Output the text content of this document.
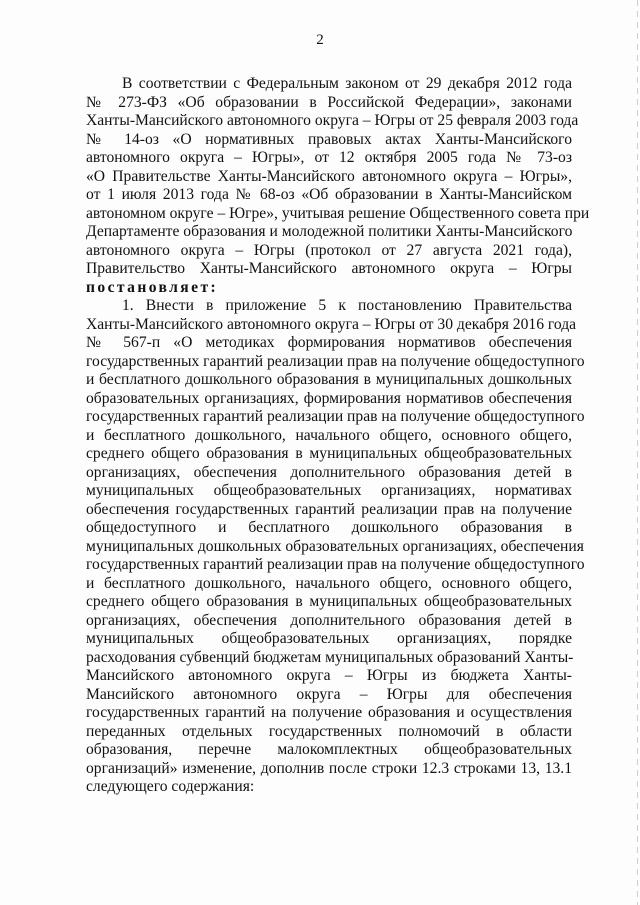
2
В соответствии с Федеральным законом от 29 декабря 2012 года
№ 273-ФЗ «Об образовании в Российской Федерации», законами
Ханты-Мансийского автономного округа – Югры от 25 февраля 2003 года
№ 14-оз «О нормативных правовых актах Ханты-Мансийского
автономного округа – Югры», от 12 октября 2005 года № 73-оз
«О Правительстве Ханты-Мансийского автономного округа – Югры»,
от 1 июля 2013 года № 68-оз «Об образовании в Ханты-Мансийском
автономном округе – Югре», учитывая решение Общественного совета при
Департаменте образования и молодежной политики Ханты-Мансийского
автономного округа – Югры (протокол от 27 августа 2021 года),
Правительство Ханты-Мансийского автономного округа – Югры
постановляет:
1. Внести в приложение 5 к постановлению Правительства
Ханты-Мансийского автономного округа – Югры от 30 декабря 2016 года
№ 567-п «О методиках формирования нормативов обеспечения
государственных гарантий реализации прав на получение общедоступного
и бесплатного дошкольного образования в муниципальных дошкольных
образовательных организациях, формирования нормативов обеспечения
государственных гарантий реализации прав на получение общедоступного
и бесплатного дошкольного, начального общего, основного общего,
среднего общего образования в муниципальных общеобразовательных
организациях, обеспечения дополнительного образования детей в
муниципальных общеобразовательных организациях, нормативах
обеспечения государственных гарантий реализации прав на получение
общедоступного и бесплатного дошкольного образования в
муниципальных дошкольных образовательных организациях, обеспечения
государственных гарантий реализации прав на получение общедоступного
и бесплатного дошкольного, начального общего, основного общего,
среднего общего образования в муниципальных общеобразовательных
организациях, обеспечения дополнительного образования детей в
муниципальных общеобразовательных организациях, порядке
расходования субвенций бюджетам муниципальных образований Ханты-
Мансийского автономного округа – Югры из бюджета Ханты-
Мансийского автономного округа – Югры для обеспечения
государственных гарантий на получение образования и осуществления
переданных отдельных государственных полномочий в области
образования, перечне малокомплектных общеобразовательных
организаций» изменение, дополнив после строки 12.3 строками 13, 13.1
следующего содержания:
